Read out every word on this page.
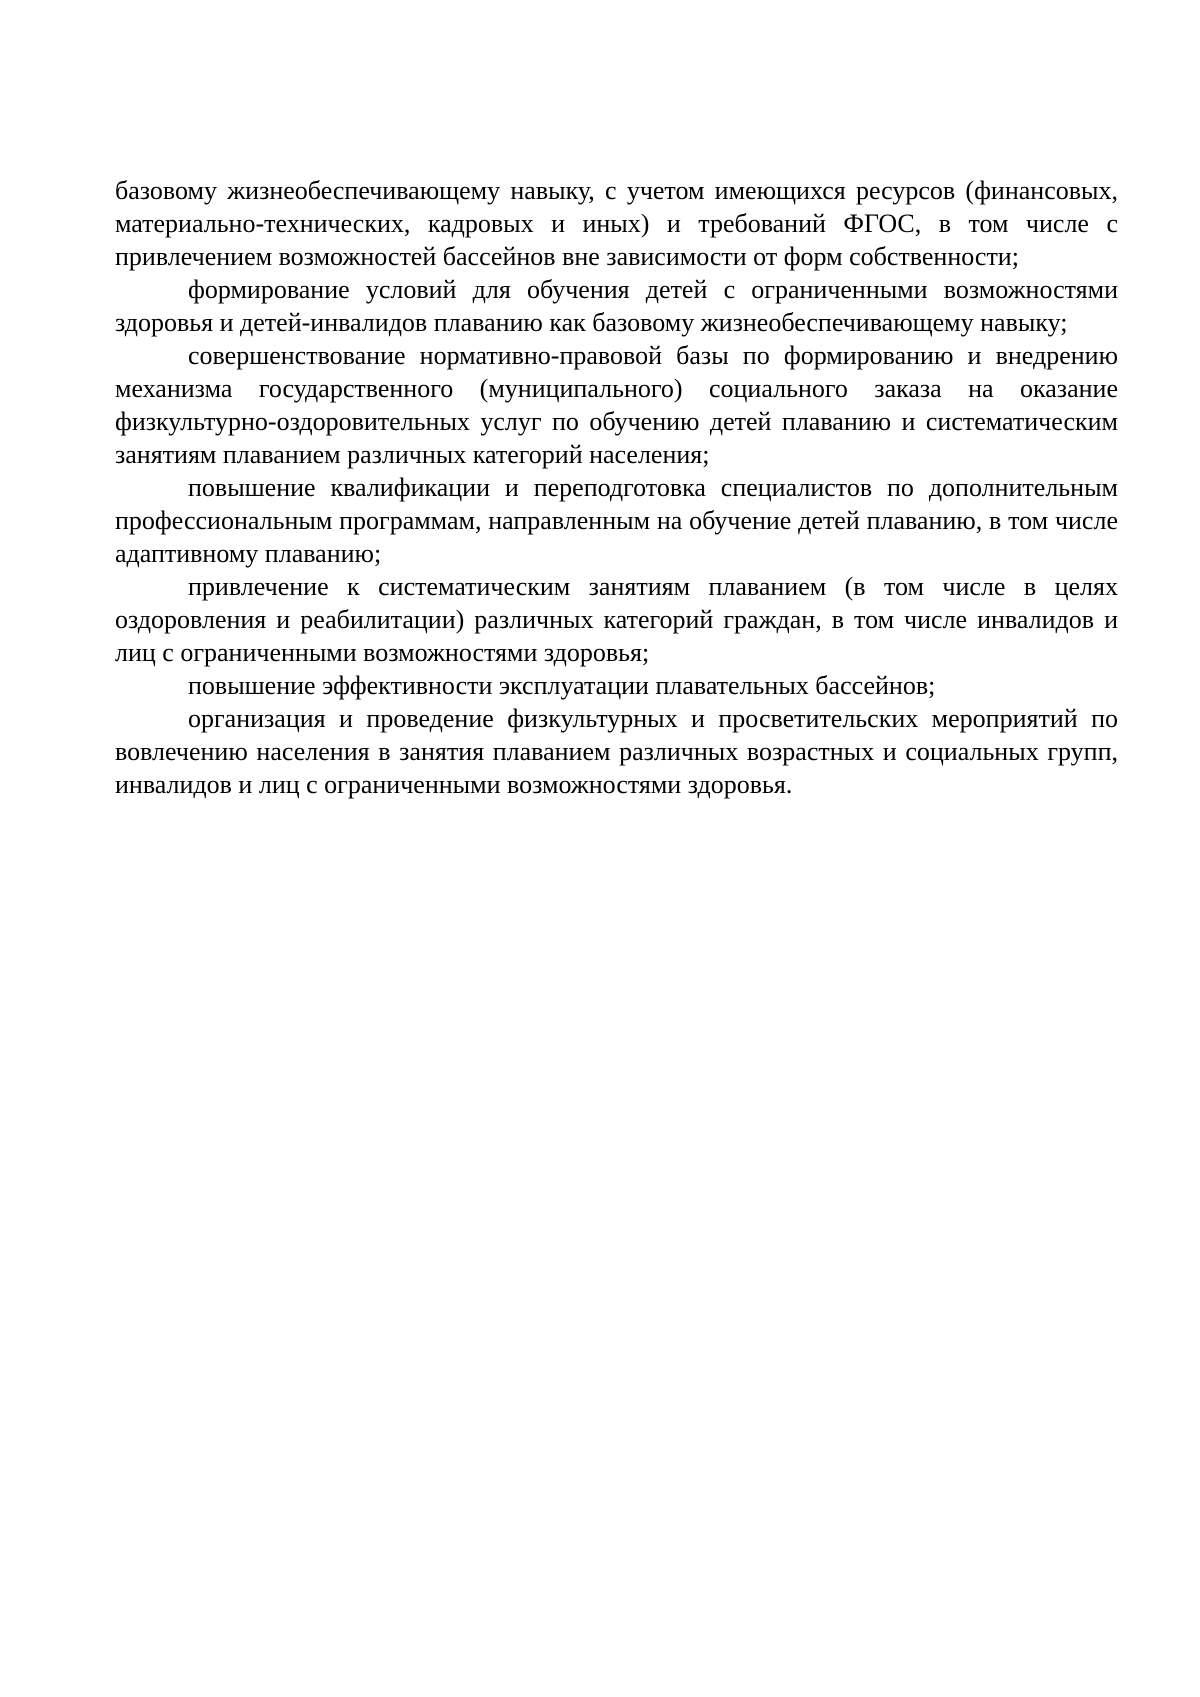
базовому жизнеобеспечивающему навыку, с учетом имеющихся ресурсов (финансовых, материально-технических, кадровых и иных) и требований ФГОС, в том числе с привлечением возможностей бассейнов вне зависимости от форм собственности;

формирование условий для обучения детей с ограниченными возможностями здоровья и детей-инвалидов плаванию как базовому жизнеобеспечивающему навыку;

совершенствование нормативно-правовой базы по формированию и внедрению механизма государственного (муниципального) социального заказа на оказание физкультурно-оздоровительных услуг по обучению детей плаванию и систематическим занятиям плаванием различных категорий населения;

повышение квалификации и переподготовка специалистов по дополнительным профессиональным программам, направленным на обучение детей плаванию, в том числе адаптивному плаванию;

привлечение к систематическим занятиям плаванием (в том числе в целях оздоровления и реабилитации) различных категорий граждан, в том числе инвалидов и лиц с ограниченными возможностями здоровья;

повышение эффективности эксплуатации плавательных бассейнов;

организация и проведение физкультурных и просветительских мероприятий по вовлечению населения в занятия плаванием различных возрастных и социальных групп, инвалидов и лиц с ограниченными возможностями здоровья.
